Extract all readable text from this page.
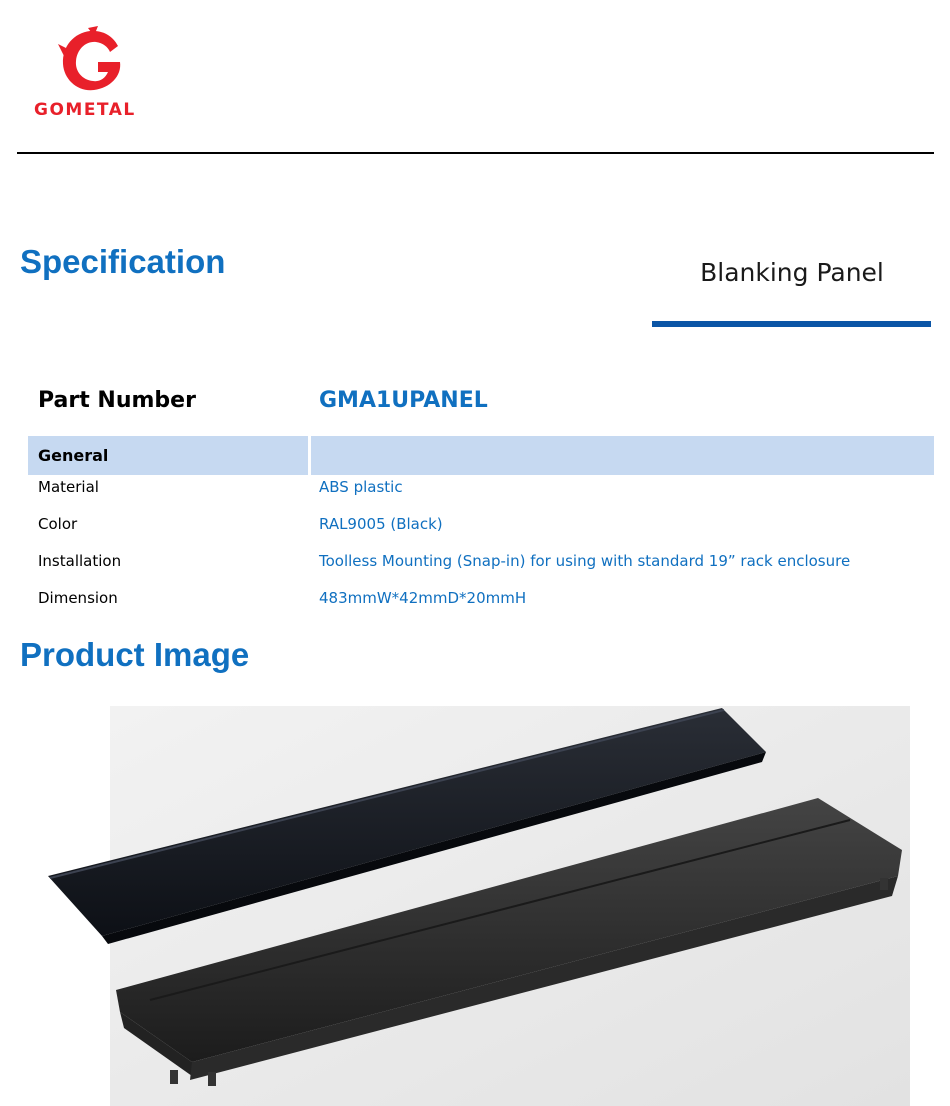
GOMETAL
Specification	Blanking Panel
Part Number	GMA1UPANEL
General
Material	ABS plastic
Color	RAL9005 (Black)
Installation	Toolless Mounting (Snap-in) for using with standard 19” rack enclosure
Dimension	483mmW*42mmD*20mmH
Product Image
